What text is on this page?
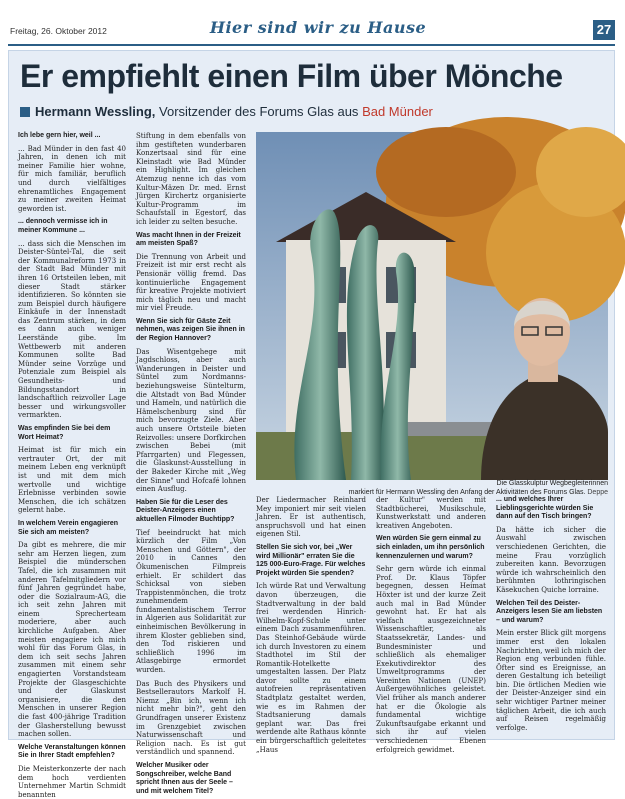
Freitag, 26. Oktober 2012	Hier sind wir zu Hause	27
Er empfiehlt einen Film über Mönche
Hermann Wessling, Vorsitzender des Forums Glas aus Bad Münder

Ich lebe gern hier, weil ...

... Bad Münder in den fast 40 Jahren, in denen ich mit meiner Familie hier wohne, für mich familiär, beruflich und durch vielfältiges ehrenamtliches Engagement zu meiner zweiten Heimat geworden ist.

... dennoch vermisse ich in meiner Kommune ...

... dass sich die Menschen im Deister-Süntel-Tal, die seit der Kommunalreform 1973 in der Stadt Bad Münder mit ihren 16 Ortsteilen leben, mit dieser Stadt stärker identifizieren. So könnten sie zum Beispiel durch häufigere Einkäufe in der Innenstadt das Zentrum stärken, in dem es dann auch weniger Leerstände gibe. Im Wettbewerb mit anderen Kommunen sollte Bad Münder seine Vorzüge und Potenziale zum Beispiel als Gesundheits- und Bildungsstandort in landschaftlich reizvoller Lage besser und wirkungsvoller vermarkten.

Was empfinden Sie bei dem Wort Heimat?

Heimat ist für mich ein vertrauter Ort, der mit meinem Leben eng verknüpft ist und mit dem mich wertvolle und wichtige Erlebnisse verbinden sowie Menschen, die ich schätzen gelernt habe.

In welchem Verein engagieren Sie sich am meisten?

Da gibt es mehrere, die mir sehr am Herzen liegen, zum Beispiel die münderschen Tafel, die ich zusammen mit anderen Tafelmitgliedern vor fünf Jahren gegründet habe, oder die Sozialraum-AG, die ich seit zehn Jahren mit einem Sprecherteam moderiere, aber auch kirchliche Aufgaben. Aber meisten engagiere ich mich wohl für das Forum Glas, in dem ich seit sechs Jahren zusammen mit einem sehr engagierten Vorstandsteam Projekte der Glasgeschichte und der Glaskunst organisiere, die den Menschen in unserer Region die fast 400-jährige Tradition der Glasherstellung bewusst machen sollen.

Welche Veranstaltungen können Sie in Ihrer Stadt empfehlen?

Die Meisterkonzerte der nach dem hoch verdienten Unternehmer Martin Schmidt benannten

Stiftung in dem ebenfalls von ihm gestifteten wunderbaren Konzertsaal sind für eine Kleinstadt wie Bad Münder ein Highlight. Im gleichen Atemzug nenne ich das vom Kultur-Mäzen Dr. med. Ernst Jürgen Kirchertz organisierte Kultur-Programm im Schaufstall in Egestorf, das ich leider zu selten besuche.

Was macht Ihnen in der Freizeit am meisten Spaß?

Die Trennung von Arbeit und Freizeit ist mir erst recht als Pensionär völlig fremd. Das kontinuierliche Engagement für kreative Projekte motiviert mich täglich neu und macht mir viel Freude.

Wenn Sie sich für Gäste Zeit nehmen, was zeigen Sie ihnen in der Region Hannover?

Das Wisentgehege mit Jagdschloss, aber auch Wanderungen in Deister und Süntel zum Nordmanns-beziehungsweise Süntelturm, die Altstadt von Bad Münder und Hameln, und natürlich die Hämelschenburg sind für mich bevorzugte Ziele. Aber auch unsere Ortsteile bieten Reizvolles: unsere Dorfkirchen zwischen Bebei (mit Pfarrgarten) und Flegessen, die Glaskunst-Ausstellung in der Bakeder Kirche mit „Weg der Sinne" und Hofcafé lohnen einen Ausflug.

Haben Sie für die Leser des Deister-Anzeigers einen aktuellen Filmoder Buchtipp?

Tief beeindruckt hat mich kürzlich der Film „Von Menschen und Göttern", der 2010 in Cannes den Ökumenischen Filmpreis erhielt. Er schildert das Schicksal von sieben Trappistenmönchen, die trotz zunehmendem fundamentalistischem Terror in Algerien aus Solidarität zur einheimischen Bevölkerung in ihrem Kloster geblieben sind, den Tod riskieren und schließlich 1996 im Atlasgebirge ermordet wurden.

Das Buch des Physikers und Bestsellerautors Markolf H. Niemz „Bin ich, wenn ich nicht mehr bin?", geht den Grundfragen unserer Existenz im Grenzgebiet zwischen Naturwissenschaft und Religion nach. Es ist gut verständlich und spannend.

Welcher Musiker oder Songschreiber, welche Band spricht Ihnen aus der Seele – und mit welchem Titel?

Die Glasskulptur Wegbegleiterinnen
markiert für Hermann Wessling den Anfang der Aktivitäten des Forums Glas. Deppe

Der Liedermacher Reinhard Mey imponiert mir seit vielen Jahren. Er ist authentisch, anspruchsvoll und hat einen eigenen Stil.

Stellen Sie sich vor, bei „Wer wird Millionär" erraten Sie die 125 000-Euro-Frage. Für welches Projekt würden Sie spenden?

Ich würde Rat und Verwaltung davon überzeugen, die Stadtverwaltung in der bald frei werdenden Hinrich-Wilhelm-Kopf-Schule unter einem Dach zusammenführen. Das Steinhof-Gebäude würde ich durch Investoren zu einem Stadthotel im Stil der Romantik-Hotelkette umgestalten lassen. Der Platz davor sollte zu einem autofreien repräsentativen Stadtplatz gestaltet werden, wie es im Rahmen der Stadtsanierung damals geplant war. Das frei werdende alte Rathaus könnte ein bürgerschaftlich geleitetes „Haus

der Kultur" werden mit Stadtbücherei, Musikschule, Kunstwerkstatt und anderen kreativen Angeboten.

Wen würden Sie gern einmal zu sich einladen, um ihn persönlich kennenzulernen und warum?

Sehr gern würde ich einmal Prof. Dr. Klaus Töpfer begegnen, dessen Heimat Höxter ist und der kurze Zeit auch mal in Bad Münder gewohnt hat. Er hat als vielfach ausgezeichneter Wissenschaftler, als Staatssekretär, Landes- und Bundesminister und schließlich als ehemaliger Exekutivdirektor des Umweltprogramms der Vereinten Nationen (UNEP) Außergewöhnliches geleistet. Viel früher als manch anderer hat er die Ökologie als fundamental wichtige Zukunftsaufgabe erkannt und sich ihr auf vielen verschiedenen Ebenen erfolgreich gewidmet.

... und welches Ihrer Lieblingsgerichte würden Sie dann auf den Tisch bringen?

Da hätte ich sicher die Auswahl zwischen verschiedenen Gerichten, die meine Frau vorzüglich zubereiten kann. Bevorzugen würde ich wahrscheinlich den berühmten lothringischen Käsekuchen Quiche lorraine.

Welchen Teil des Deister-Anzeigers lesen Sie am liebsten – und warum?

Mein erster Blick gilt morgens immer erst den lokalen Nachrichten, weil ich mich der Region eng verbunden fühle. Öfter sind es Ereignisse, an deren Gestaltung ich beteiligt bin. Die örtlichen Medien wie der Deister-Anzeiger sind ein sehr wichtiger Partner meiner täglichen Arbeit, die ich auch auf Reisen regelmäßig verfolge.
